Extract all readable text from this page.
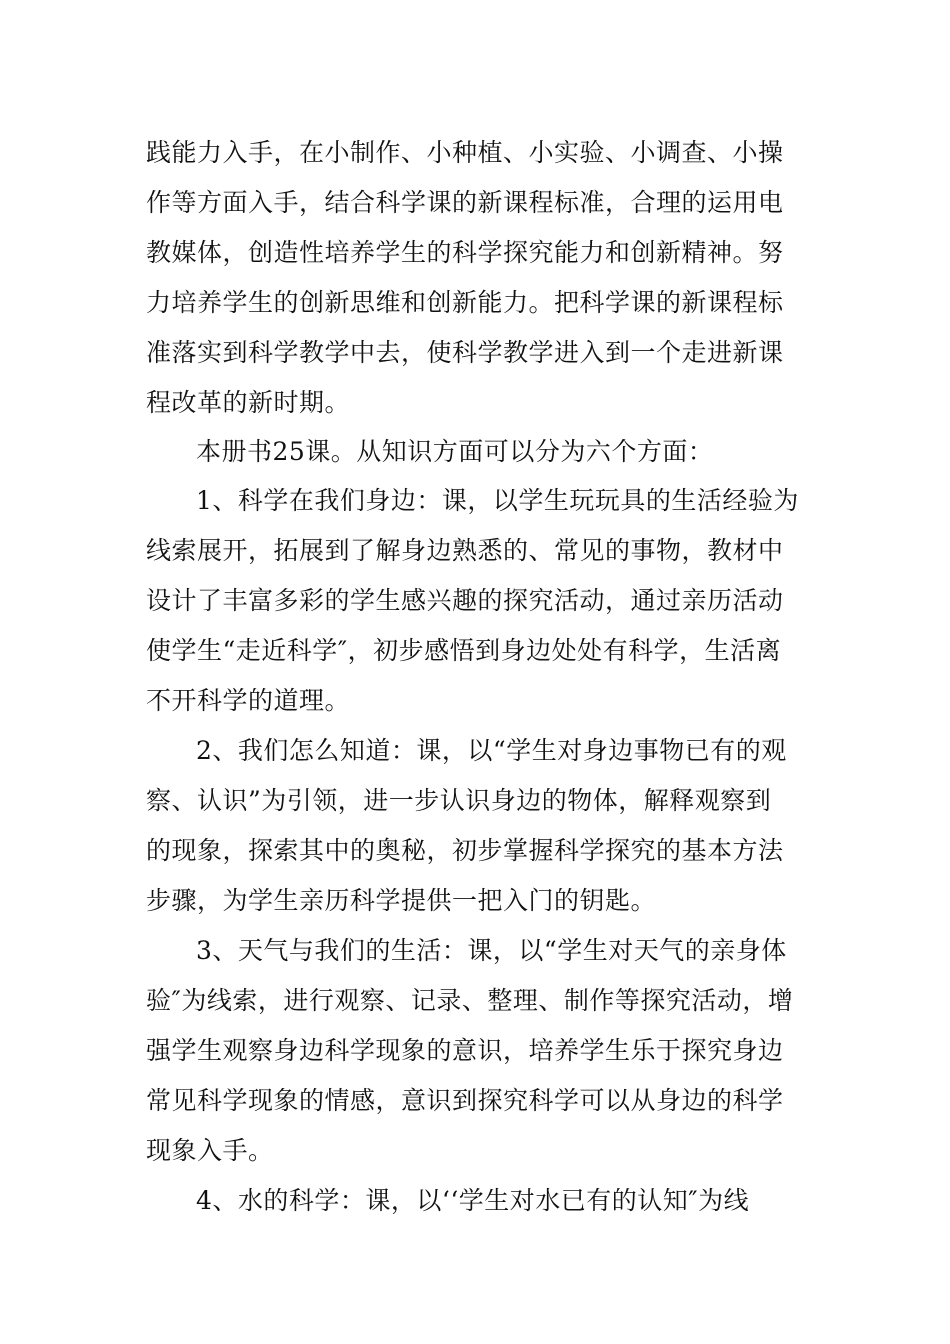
践能力入手，在小制作、小种植、小实验、小调查、小操
作等方面入手，结合科学课的新课程标准，合理的运用电
教媒体，创造性培养学生的科学探究能力和创新精神。努
力培养学生的创新思维和创新能力。把科学课的新课程标
准落实到科学教学中去，使科学教学进入到一个走进新课
程改革的新时期。
本册书25课。从知识方面可以分为六个方面：
1、科学在我们身边：课，以学生玩玩具的生活经验为
线索展开，拓展到了解身边熟悉的、常见的事物，教材中
设计了丰富多彩的学生感兴趣的探究活动，通过亲历活动
使学生“走近科学″，初步感悟到身边处处有科学，生活离
不开科学的道理。
2、我们怎么知道：课，以“学生对身边事物已有的观
察、认识”为引领，进一步认识身边的物体，解释观察到
的现象，探索其中的奥秘，初步掌握科学探究的基本方法
步骤，为学生亲历科学提供一把入门的钥匙。
3、天气与我们的生活：课，以“学生对天气的亲身体
验″为线索，进行观察、记录、整理、制作等探究活动，增
强学生观察身边科学现象的意识，培养学生乐于探究身边
常见科学现象的情感，意识到探究科学可以从身边的科学
现象入手。
4、水的科学：课，以‘‘学生对水已有的认知″为线
